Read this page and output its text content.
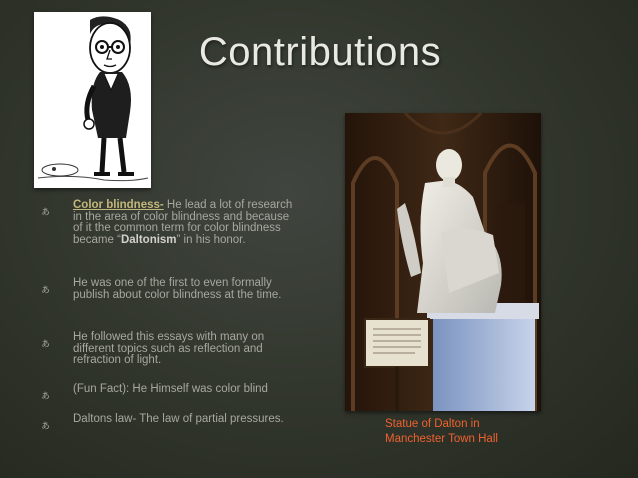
Contributions
ぁ Color blindness- He lead a lot of research in the area of color blindness and because of it the common term for color blindness became “Daltonism” in his honor.
ぁ He was one of the first to even formally publish about color blindness at the time.
ぁ He followed this essays with many on different topics such as reflection and refraction of light.
ぁ (Fun Fact): He Himself was color blind
ぁ Daltons law- The law of partial pressures.	Statue of Dalton in
Manchester Town Hall
